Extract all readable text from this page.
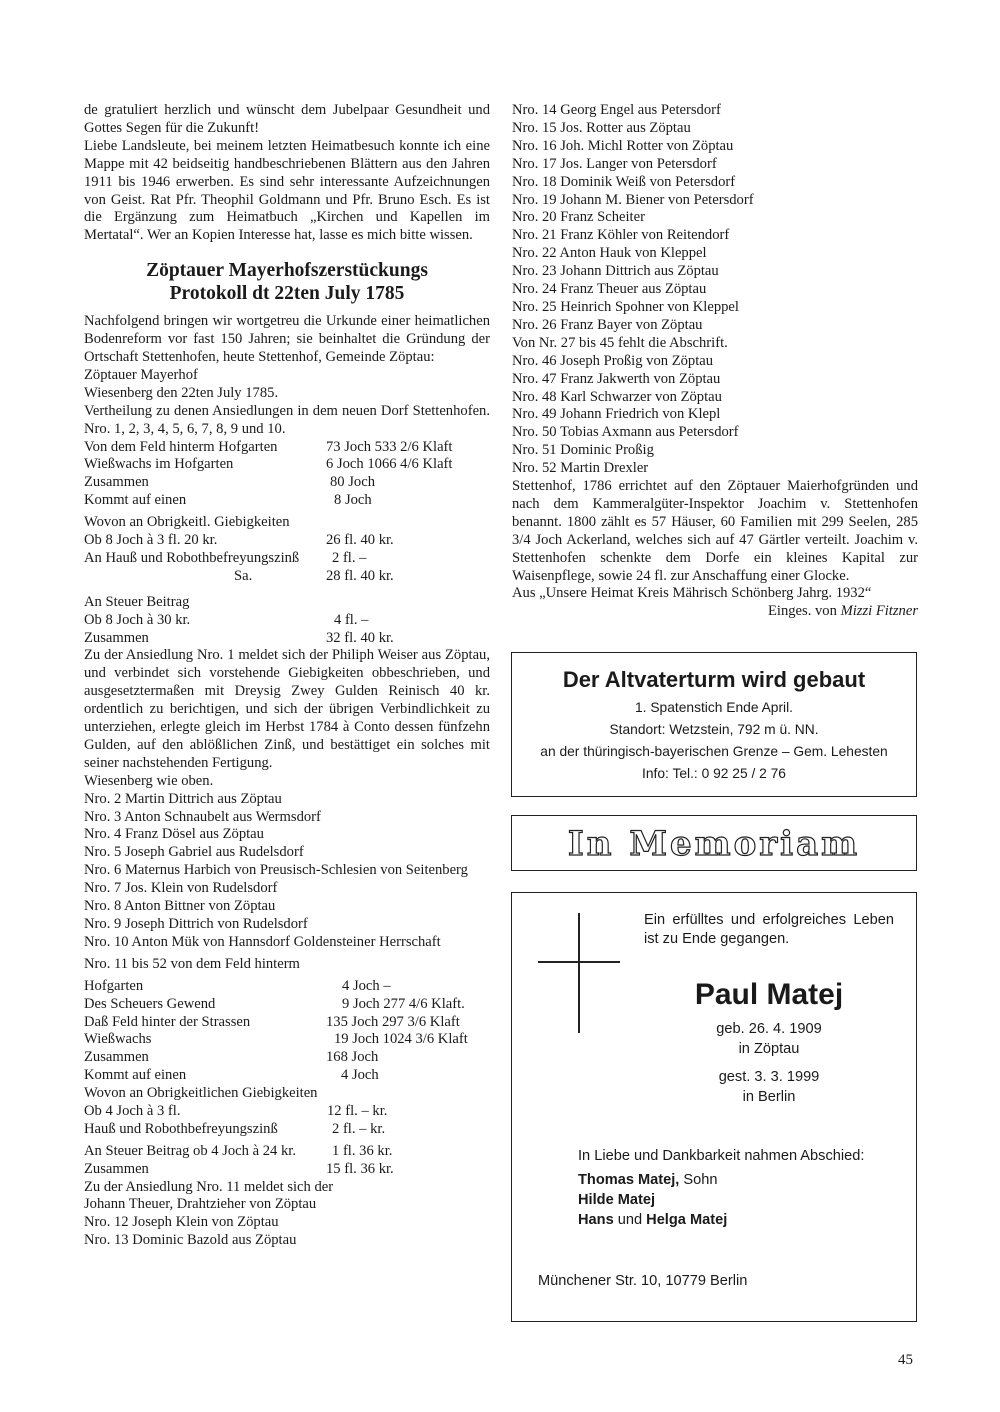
de gratuliert herzlich und wünscht dem Jubelpaar Gesundheit und Gottes Segen für die Zukunft!

Liebe Landsleute, bei meinem letzten Heimatbesuch konnte ich eine Mappe mit 42 beidseitig handbeschriebenen Blättern aus den Jahren 1911 bis 1946 erwerben. Es sind sehr interessante Aufzeichnungen von Geist. Rat Pfr. Theophil Goldmann und Pfr. Bruno Esch. Es ist die Ergänzung zum Heimatbuch „Kirchen und Kapellen im Mertatal“. Wer an Kopien Interesse hat, lasse es mich bitte wissen.

Zöptauer Mayerhofszerstückungs
Protokoll dt 22ten July 1785

Nachfolgend bringen wir wortgetreu die Urkunde einer heimatlichen Bodenreform vor fast 150 Jahren; sie beinhaltet die Gründung der Ortschaft Stettenhofen, heute Stettenhof, Gemeinde Zöptau:

Zöptauer Mayerhof

Wiesenberg den 22ten July 1785.

Vertheilung zu denen Ansiedlungen in dem neuen Dorf Stettenhofen. Nro. 1, 2, 3, 4, 5, 6, 7, 8, 9 und 10.

Von dem Feld hinterm Hofgarten	73 Joch 533 2/6 Klaft
Wießwachs im Hofgarten	6 Joch 1066 4/6 Klaft
Zusammen	80 Joch
Kommt auf einen	8 Joch

Wovon an Obrigkeitl. Giebigkeiten

Ob 8 Joch à 3 fl. 20 kr.	26 fl. 40 kr.
An Hauß und Robothbefreyungszinß 2 fl. –
Sa.	28 fl. 40 kr.

An Steuer Beitrag

Ob 8 Joch à 30 kr.	4 fl. –
Zusammen	32 fl. 40 kr.

Zu der Ansiedlung Nro. 1 meldet sich der Philiph Weiser aus Zöptau, und verbindet sich vorstehende Giebigkeiten obbeschrieben, und ausgesetztermaßen mit Dreysig Zwey Gulden Reinisch 40 kr. ordentlich zu berichtigen, und sich der übrigen Verbindlichkeit zu unterziehen, erlegte gleich im Herbst 1784 à Conto dessen fünfzehn Gulden, auf den ablößlichen Zinß, und bestättiget ein solches mit seiner nachstehenden Fertigung.

Wiesenberg wie oben.

Nro. 2 Martin Dittrich aus Zöptau

Nro. 3 Anton Schnaubelt aus Wermsdorf

Nro. 4 Franz Dösel aus Zöptau

Nro. 5 Joseph Gabriel aus Rudelsdorf

Nro. 6 Maternus Harbich von Preusisch-Schlesien von Seitenberg

Nro. 7 Jos. Klein von Rudelsdorf

Nro. 8 Anton Bittner von Zöptau

Nro. 9 Joseph Dittrich von Rudelsdorf

Nro. 10 Anton Mük von Hannsdorf Goldensteiner Herrschaft

Nro. 11 bis 52 von dem Feld hinterm

Hofgarten	4 Joch –
Des Scheuers Gewend	9 Joch 277 4/6 Klaft.
Daß Feld hinter der Strassen	135 Joch 297 3/6 Klaft
Wießwachs	19 Joch 1024 3/6 Klaft
Zusammen	168 Joch
Kommt auf einen	4 Joch

Wovon an Obrigkeitlichen Giebigkeiten

Ob 4 Joch à 3 fl.	12 fl. – kr.
Hauß und Robothbefreyungszinß	2 fl. – kr.
An Steuer Beitrag ob 4 Joch à 24 kr. 1 fl. 36 kr.
Zusammen	15 fl. 36 kr.

Zu der Ansiedlung Nro. 11 meldet sich der

Johann Theuer, Drahtzieher von Zöptau

Nro. 12 Joseph Klein von Zöptau

Nro. 13 Dominic Bazold aus Zöptau

Nro. 14 Georg Engel aus Petersdorf

Nro. 15 Jos. Rotter aus Zöptau

Nro. 16 Joh. Michl Rotter von Zöptau

Nro. 17 Jos. Langer von Petersdorf

Nro. 18 Dominik Weiß von Petersdorf

Nro. 19 Johann M. Biener von Petersdorf

Nro. 20 Franz Scheiter

Nro. 21 Franz Köhler von Reitendorf

Nro. 22 Anton Hauk von Kleppel

Nro. 23 Johann Dittrich aus Zöptau

Nro. 24 Franz Theuer aus Zöptau

Nro. 25 Heinrich Spohner von Kleppel

Nro. 26 Franz Bayer von Zöptau

Von Nr. 27 bis 45 fehlt die Abschrift.

Nro. 46 Joseph Proßig von Zöptau

Nro. 47 Franz Jakwerth von Zöptau

Nro. 48 Karl Schwarzer von Zöptau

Nro. 49 Johann Friedrich von Klepl

Nro. 50 Tobias Axmann aus Petersdorf

Nro. 51 Dominic Proßig

Nro. 52 Martin Drexler

Stettenhof, 1786 errichtet auf den Zöptauer Maierhofgründen und nach dem Kammeralgüter-Inspektor Joachim v. Stettenhofen benannt. 1800 zählt es 57 Häuser, 60 Familien mit 299 Seelen, 285 3/4 Joch Ackerland, welches sich auf 47 Gärtler verteilt. Joachim v. Stettenhofen schenkte dem Dorfe ein kleines Kapital zur Waisenpflege, sowie 24 fl. zur Anschaffung einer Glocke.

Aus „Unsere Heimat Kreis Mährisch Schönberg Jahrg. 1932“

Einges. von Mizzi Fitzner

Der Altvaterturm wird gebaut
1. Spatenstich Ende April.
Standort: Wetzstein, 792 m ü. NN.
an der thüringisch-bayerischen Grenze – Gem. Lehesten
Info: Tel.: 0 92 25 / 2 76
In Memoriam
Ein erfülltes und erfolgreiches Leben ist zu Ende gegangen.
Paul Matej
geb. 26. 4. 1909
in Zöptau
gest. 3. 3. 1999
in Berlin
In Liebe und Dankbarkeit nahmen Abschied:
Thomas Matej, Sohn
Hilde Matej
Hans und Helga Matej
Münchener Str. 10, 10779 Berlin
45
